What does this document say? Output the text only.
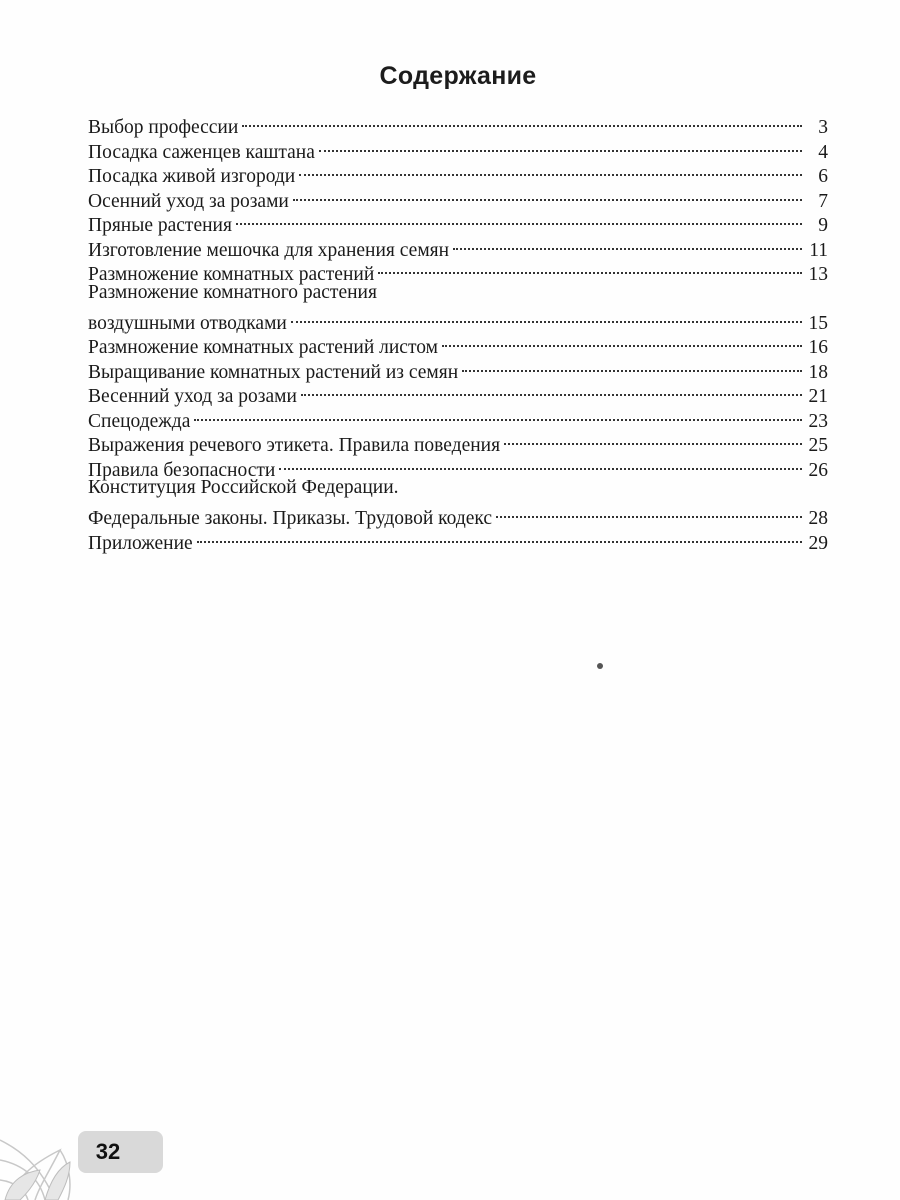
Содержание
Выбор профессии	3
Посадка саженцев каштана	4
Посадка живой изгороди	6
Осенний уход за розами	7
Пряные растения	9
Изготовление мешочка для хранения семян	11
Размножение комнатных растений	13
Размножение комнатного растения
воздушными отводками	15
Размножение комнатных растений листом	16
Выращивание комнатных растений из семян	18
Весенний уход за розами	21
Спецодежда	23
Выражения речевого этикета. Правила поведения	25
Правила безопасности	26
Конституция Российской Федерации.
Федеральные законы. Приказы. Трудовой кодекс	28
Приложение	29
32
